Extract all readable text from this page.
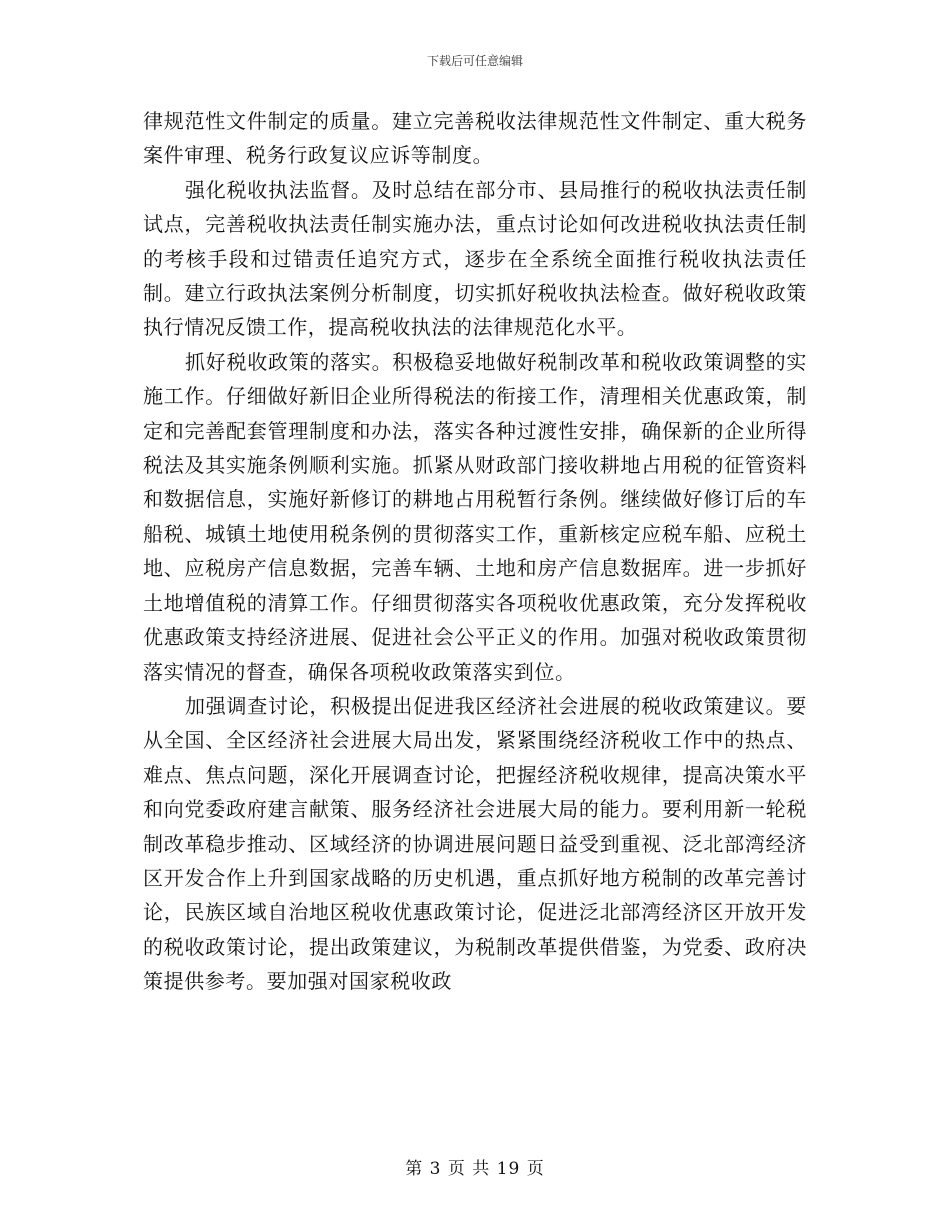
下载后可任意编辑

律规范性文件制定的质量。建立完善税收法律规范性文件制定、重大税务案件审理、税务行政复议应诉等制度。

强化税收执法监督。及时总结在部分市、县局推行的税收执法责任制试点，完善税收执法责任制实施办法，重点讨论如何改进税收执法责任制的考核手段和过错责任追究方式，逐步在全系统全面推行税收执法责任制。建立行政执法案例分析制度，切实抓好税收执法检查。做好税收政策执行情况反馈工作，提高税收执法的法律规范化水平。

抓好税收政策的落实。积极稳妥地做好税制改革和税收政策调整的实施工作。仔细做好新旧企业所得税法的衔接工作，清理相关优惠政策，制定和完善配套管理制度和办法，落实各种过渡性安排，确保新的企业所得税法及其实施条例顺利实施。抓紧从财政部门接收耕地占用税的征管资料和数据信息，实施好新修订的耕地占用税暂行条例。继续做好修订后的车船税、城镇土地使用税条例的贯彻落实工作，重新核定应税车船、应税土地、应税房产信息数据，完善车辆、土地和房产信息数据库。进一步抓好土地增值税的清算工作。仔细贯彻落实各项税收优惠政策，充分发挥税收优惠政策支持经济进展、促进社会公平正义的作用。加强对税收政策贯彻落实情况的督查，确保各项税收政策落实到位。

加强调查讨论，积极提出促进我区经济社会进展的税收政策建议。要从全国、全区经济社会进展大局出发，紧紧围绕经济税收工作中的热点、难点、焦点问题，深化开展调查讨论，把握经济税收规律，提高决策水平和向党委政府建言献策、服务经济社会进展大局的能力。要利用新一轮税制改革稳步推动、区域经济的协调进展问题日益受到重视、泛北部湾经济区开发合作上升到国家战略的历史机遇，重点抓好地方税制的改革完善讨论，民族区域自治地区税收优惠政策讨论，促进泛北部湾经济区开放开发的税收政策讨论，提出政策建议，为税制改革提供借鉴，为党委、政府决策提供参考。要加强对国家税收政

第 3 页 共 19 页
